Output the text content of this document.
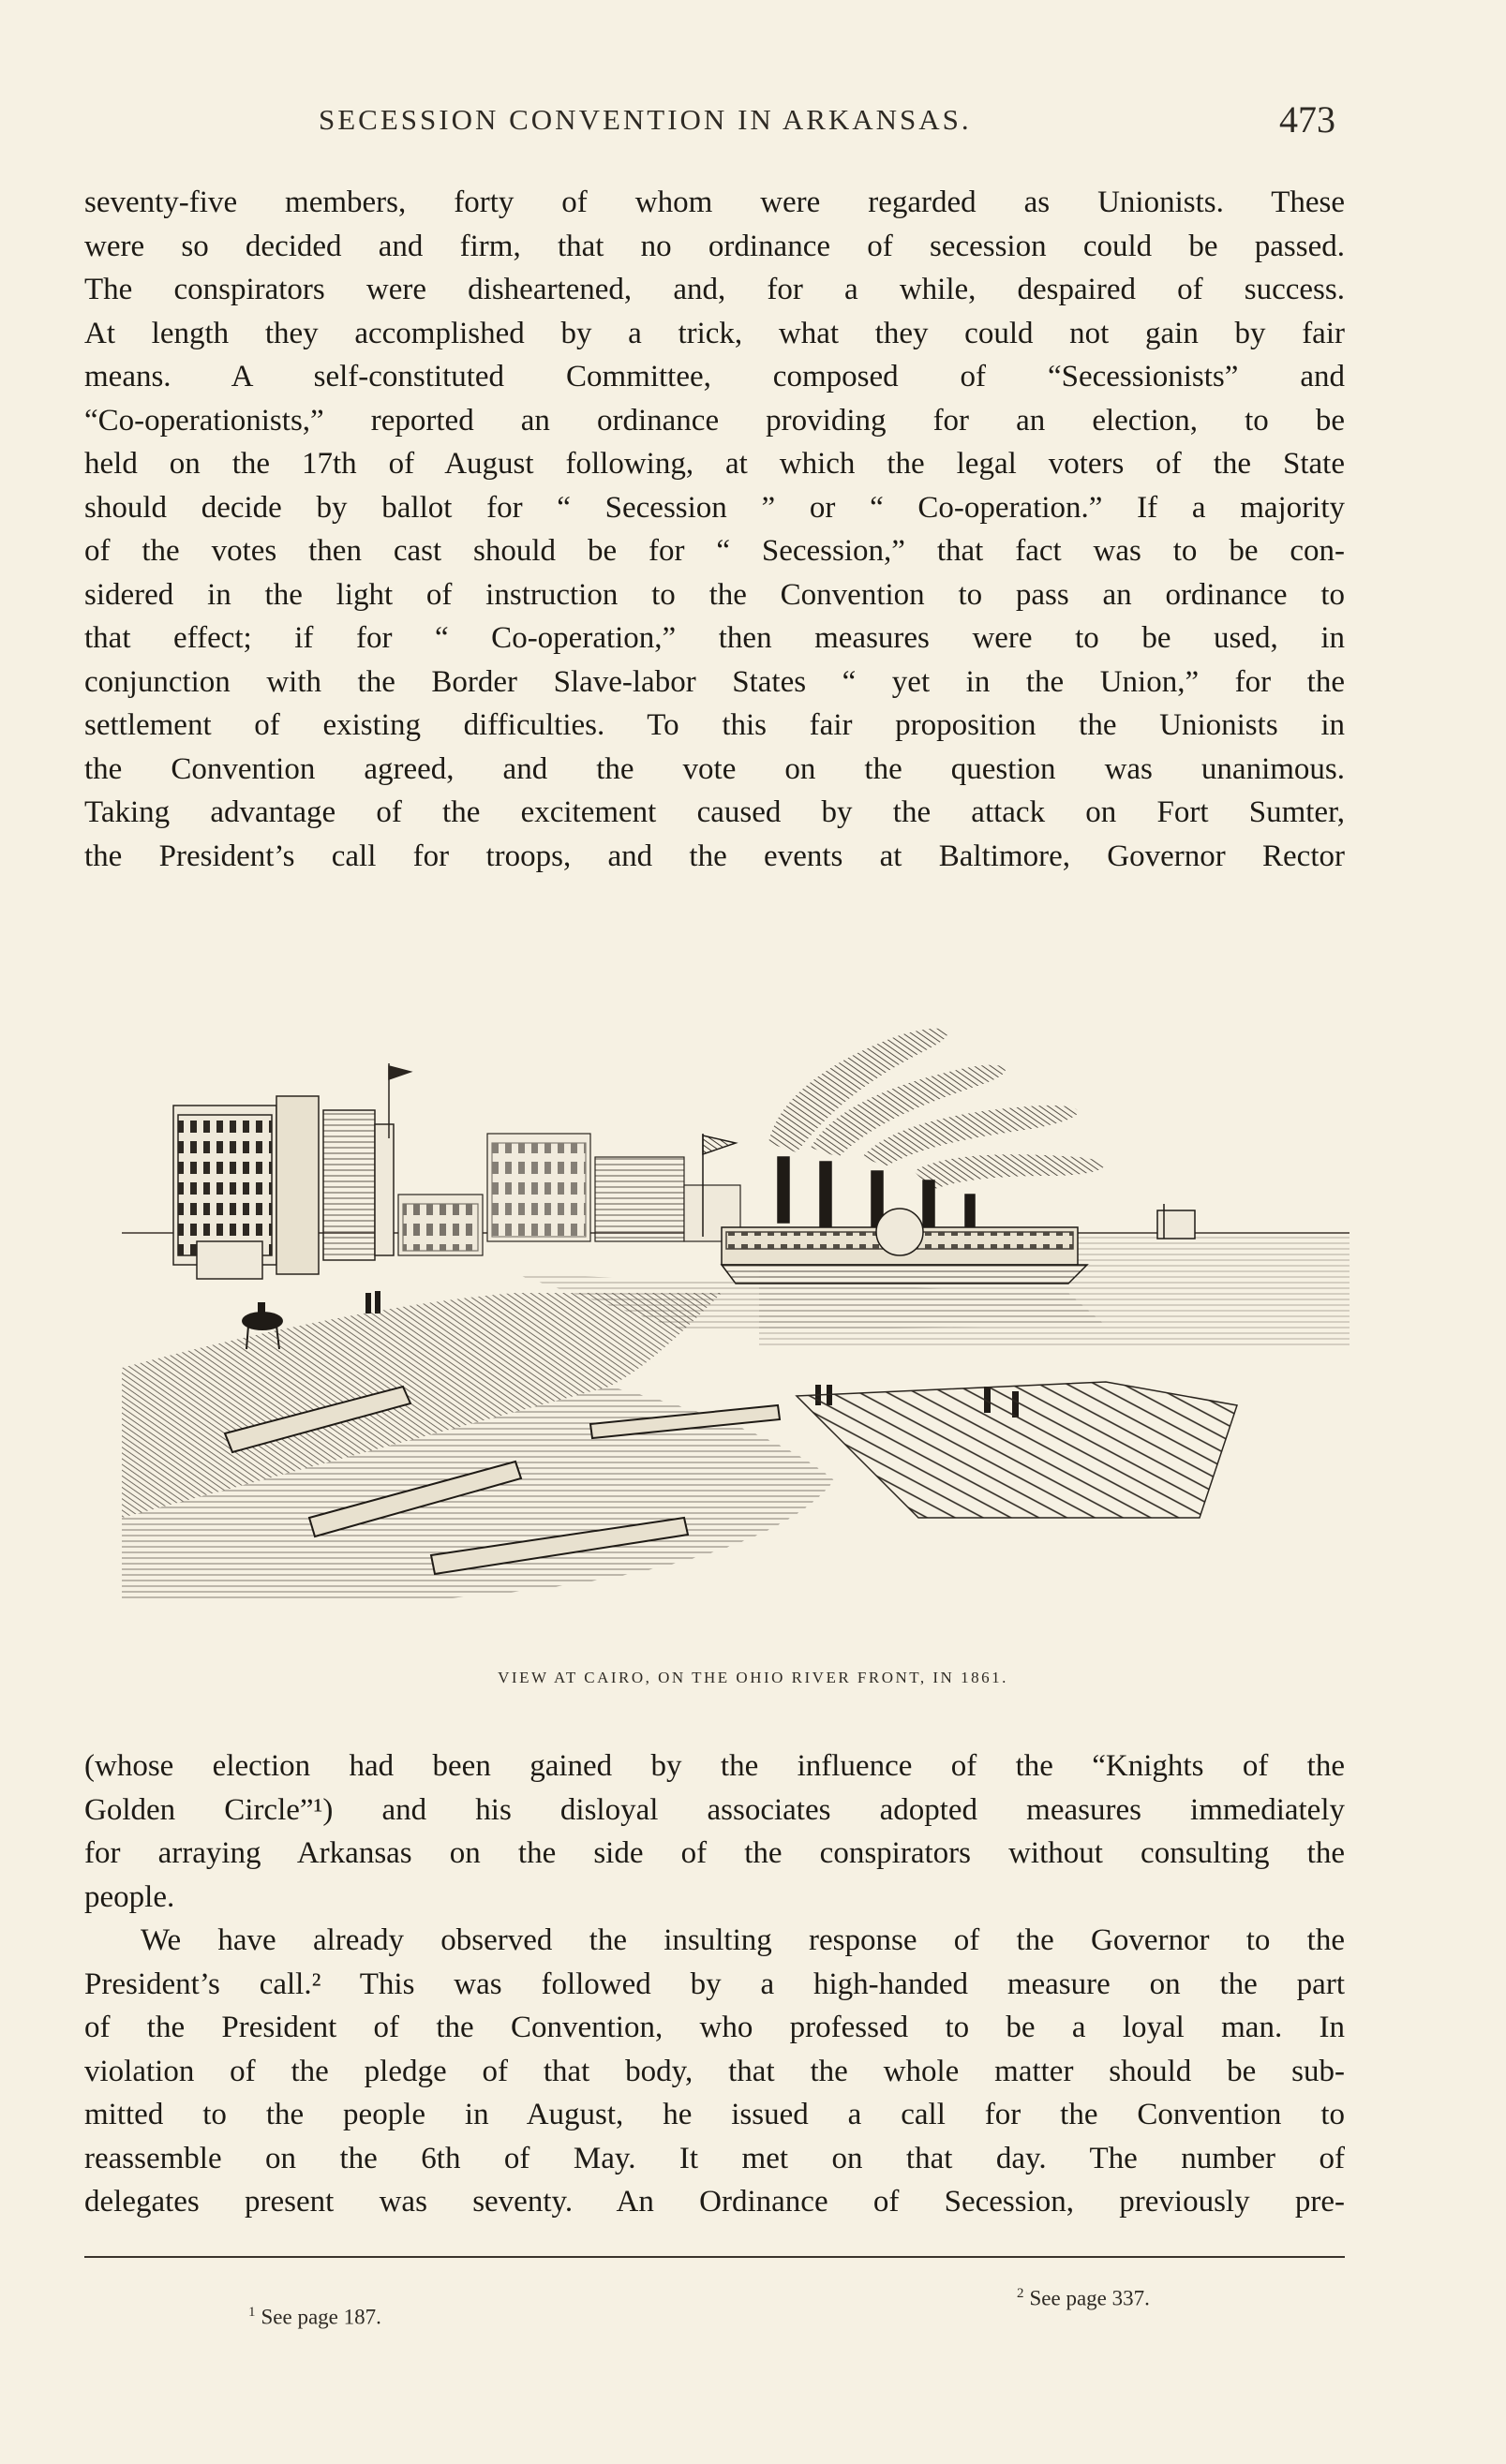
SECESSION CONVENTION IN ARKANSAS.	473
seventy-five members, forty of whom were regarded as Unionists. These
were so decided and firm, that no ordinance of secession could be passed.
The conspirators were disheartened, and, for a while, despaired of success.
At length they accomplished by a trick, what they could not gain by fair
means. A self-constituted Committee, composed of “Secessionists” and
“Co-operationists,” reported an ordinance providing for an election, to be
held on the 17th of August following, at which the legal voters of the State
should decide by ballot for “ Secession ” or “ Co-operation.” If a majority
of the votes then cast should be for “ Secession,” that fact was to be con-
sidered in the light of instruction to the Convention to pass an ordinance to
that effect; if for “ Co-operation,” then measures were to be used, in
conjunction with the Border Slave-labor States “ yet in the Union,” for the
settlement of existing difficulties. To this fair proposition the Unionists in
the Convention agreed, and the vote on the question was unanimous.
Taking advantage of the excitement caused by the attack on Fort Sumter,
the President’s call for troops, and the events at Baltimore, Governor Rector
VIEW AT CAIRO, ON THE OHIO RIVER FRONT, IN 1861.
(whose election had been gained by the influence of the “Knights of the
Golden Circle”¹) and his disloyal associates adopted measures immediately
for arraying Arkansas on the side of the conspirators without consulting the
people.
We have already observed the insulting response of the Governor to the
President’s call.² This was followed by a high-handed measure on the part
of the President of the Convention, who professed to be a loyal man. In
violation of the pledge of that body, that the whole matter should be sub-
mitted to the people in August, he issued a call for the Convention to
reassemble on the 6th of May. It met on that day. The number of
delegates present was seventy. An Ordinance of Secession, previously pre-
$^1$ See page 187.
$^2$ See page 337.
